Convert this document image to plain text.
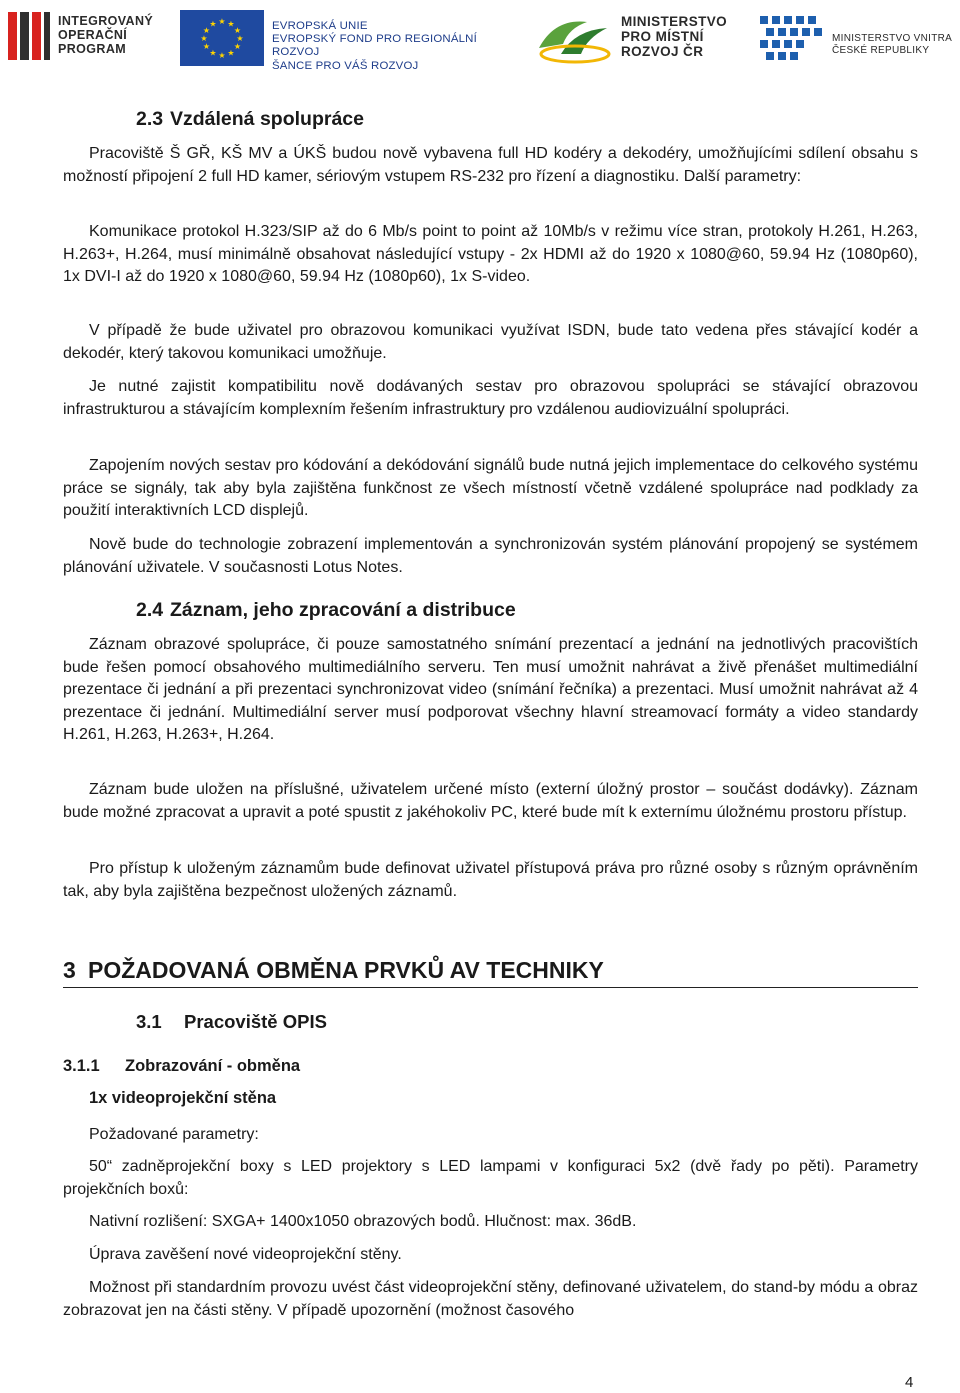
INTEGROVANÝ
OPERAČNÍ
PROGRAM
★ ★
★
★
★
★
★
★
★
★
★
★	EVROPSKÁ UNIE
EVROPSKÝ FOND PRO REGIONÁLNÍ ROZVOJ
ŠANCE PRO VÁŠ ROZVOJ
MINISTERSTVO
PRO MÍSTNÍ
ROZVOJ ČR
MINISTERSTVO VNITRA
ČESKÉ REPUBLIKY
2.3 Vzdálená spolupráce

Pracoviště Š GŘ, KŠ MV a ÚKŠ budou nově vybavena full HD kodéry a dekodéry, umožňujícími sdílení obsahu s možností připojení 2 full HD kamer, sériovým vstupem RS-232 pro řízení a diagnostiku. Další parametry:

Komunikace protokol H.323/SIP až do 6 Mb/s point to point až 10Mb/s v režimu více stran, protokoly H.261, H.263, H.263+, H.264, musí minimálně obsahovat následující vstupy - 2x HDMI až do 1920 x 1080@60, 59.94 Hz (1080p60), 1x DVI-I až do 1920 x 1080@60, 59.94 Hz (1080p60), 1x S-video.

V případě že bude uživatel pro obrazovou komunikaci využívat ISDN, bude tato vedena přes stávající kodér a dekodér, který takovou komunikaci umožňuje.

Je nutné zajistit kompatibilitu nově dodávaných sestav pro obrazovou spolupráci se stávající obrazovou infrastrukturou a stávajícím komplexním řešením infrastruktury pro vzdálenou audiovizuální spolupráci.

Zapojením nových sestav pro kódování a dekódování signálů bude nutná jejich implementace do celkového systému práce se signály, tak aby byla zajištěna funkčnost ze všech místností včetně vzdálené spolupráce nad podklady za použití interaktivních LCD displejů.

Nově bude do technologie zobrazení implementován a synchronizován systém plánování propojený se systémem plánování uživatele. V současnosti Lotus Notes.

2.4 Záznam, jeho zpracování a distribuce

Záznam obrazové spolupráce, či pouze samostatného snímání prezentací a jednání na jednotlivých pracovištích bude řešen pomocí obsahového multimediálního serveru. Ten musí umožnit nahrávat a živě přenášet multimediální prezentace či jednání a při prezentaci synchronizovat video (snímání řečníka) a prezentaci. Musí umožnit nahrávat až 4 prezentace či jednání. Multimediální server musí podporovat všechny hlavní streamovací formáty a video standardy H.261, H.263, H.263+, H.264.

Záznam bude uložen na příslušné, uživatelem určené místo (externí úložný prostor – součást dodávky). Záznam bude možné zpracovat a upravit a poté spustit z jakéhokoliv PC, které bude mít k externímu úložnému prostoru přístup.

Pro přístup k uloženým záznamům bude definovat uživatel přístupová práva pro různé osoby s různým oprávněním tak, aby byla zajištěna bezpečnost uložených záznamů.

3 POŽADOVANÁ OBMĚNA PRVKŮ AV TECHNIKY
3.1 Pracoviště OPIS
3.1.1 Zobrazování - obměna
1x videoprojekční stěna

Požadované parametry:

50“ zadněprojekční boxy s LED projektory s LED lampami v konfiguraci 5x2 (dvě řady po pěti). Parametry projekčních boxů:

Nativní rozlišení: SXGA+ 1400x1050 obrazových bodů. Hlučnost: max. 36dB.

Úprava zavěšení nové videoprojekční stěny.

Možnost při standardním provozu uvést část videoprojekční stěny, definované uživatelem, do stand-by módu a obraz zobrazovat jen na části stěny. V případě upozornění (možnost časového

4
